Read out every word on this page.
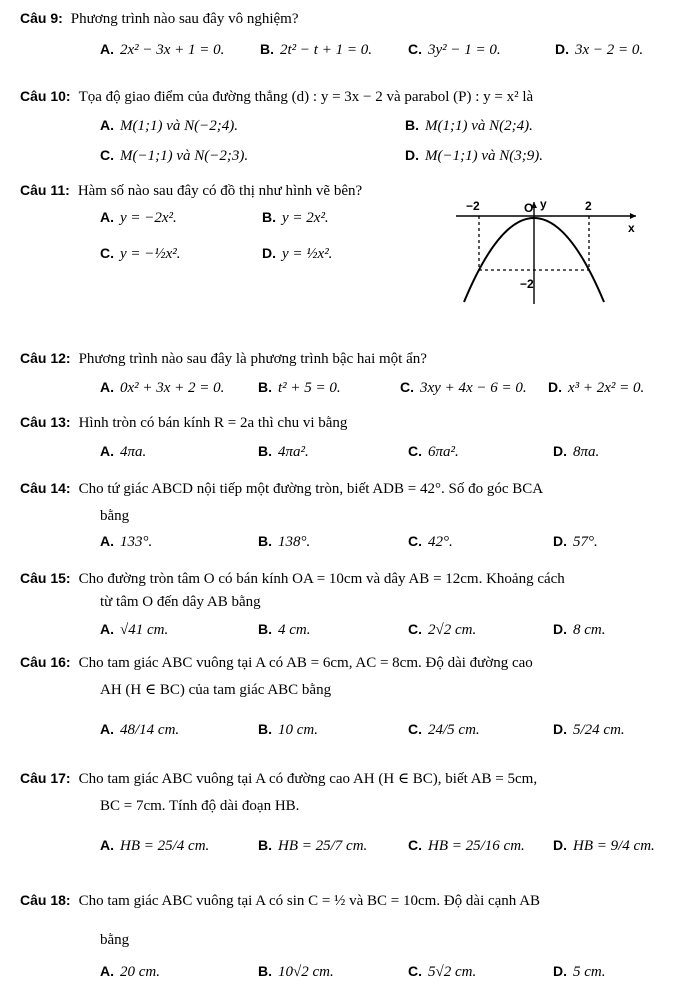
Câu 9: Phương trình nào sau đây vô nghiệm?
A. 2x² − 3x + 1 = 0.	B. 2t² − t + 1 = 0.	C. 3y² − 1 = 0.	D. 3x − 2 = 0.
Câu 10: Tọa độ giao điểm của đường thẳng (d) : y = 3x − 2 và parabol (P) : y = x² là
A. M(1;1) và N(−2;4).	B. M(1;1) và N(2;4).
C. M(−1;1) và N(−2;3).	D. M(−1;1) và N(3;9).
Câu 11: Hàm số nào sau đây có đồ thị như hình vẽ bên?
A. y = −2x².	B. y = 2x².
C. y = −½x².	D. y = ½x².
y
x
O
−2	2
−2
Câu 12: Phương trình nào sau đây là phương trình bậc hai một ẩn?
A. 0x² + 3x + 2 = 0. B. t² + 5 = 0.	C. 3xy + 4x − 6 = 0. D. x³ + 2x² = 0.
Câu 13: Hình tròn có bán kính R = 2a thì chu vi bằng
A. 4πa.	B. 4πa².	C. 6πa².	D. 8πa.
Câu 14: Cho tứ giác ABCD nội tiếp một đường tròn, biết ADB = 42°. Số đo góc BCA
bằng
A. 133°.	B. 138°.	C. 42°.	D. 57°.
Câu 15: Cho đường tròn tâm O có bán kính OA = 10cm và dây AB = 12cm. Khoảng cách
từ tâm O đến dây AB bằng
A. √41 cm.	B. 4 cm.	C. 2√2 cm.	D. 8 cm.
Câu 16: Cho tam giác ABC vuông tại A có AB = 6cm, AC = 8cm. Độ dài đường cao
AH (H ∈ BC) của tam giác ABC bằng
A. 48/14 cm.	B. 10 cm.	C. 24/5 cm.	D. 5/24 cm.
Câu 17: Cho tam giác ABC vuông tại A có đường cao AH (H ∈ BC), biết AB = 5cm,
BC = 7cm. Tính độ dài đoạn HB.
A. HB = 25/4 cm.	B. HB = 25/7 cm.	C. HB = 25/16 cm. D. HB = 9/4 cm.
Câu 18: Cho tam giác ABC vuông tại A có sin C = ½ và BC = 10cm. Độ dài cạnh AB
bằng
A. 20 cm.	B. 10√2 cm.	C. 5√2 cm.	D. 5 cm.
